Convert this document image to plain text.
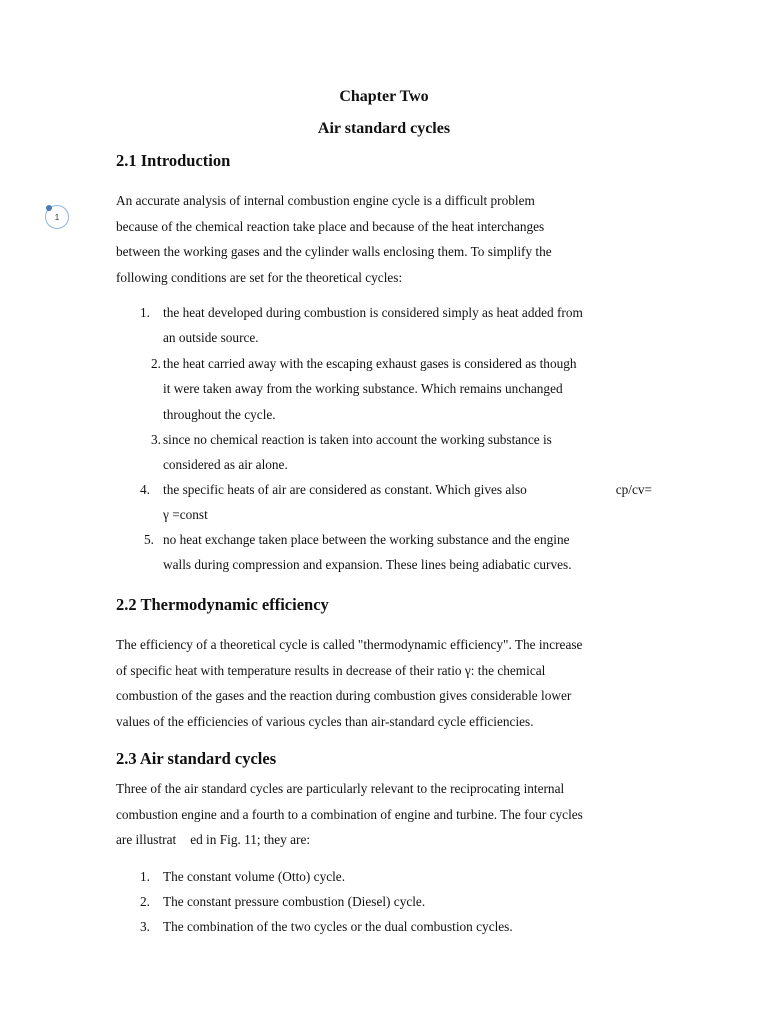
1
Chapter Two
Air standard cycles
2.1 Introduction
An accurate analysis of internal combustion engine cycle is a difficult problem
because of the chemical reaction take place and because of the heat interchanges
between the working gases and the cylinder walls enclosing them. To simplify the
following conditions are set for the theoretical cycles:
1. the heat developed during combustion is considered simply as heat added from
an outside source.
2. the heat carried away with the escaping exhaust gases is considered as though
it were taken away from the working substance. Which remains unchanged
throughout the cycle.
3. since no chemical reaction is taken into account the working substance is
considered as air alone.
4. the specific heats of air are considered as constant. Which gives also	cp/cv=
γ =const
5. no heat exchange taken place between the working substance and the engine
walls during compression and expansion. These lines being adiabatic curves.
2.2 Thermodynamic efficiency
The efficiency of a theoretical cycle is called "thermodynamic efficiency". The increase
of specific heat with temperature results in decrease of their ratio γ: the chemical
combustion of the gases and the reaction during combustion gives considerable lower
values of the efficiencies of various cycles than air-standard cycle efficiencies.
2.3 Air standard cycles
Three of the air standard cycles are particularly relevant to the reciprocating internal
combustion engine and a fourth to a combination of engine and turbine. The four cycles
are illustrat ed in Fig. 11; they are:
1. The constant volume (Otto) cycle.
2. The constant pressure combustion (Diesel) cycle.
3. The combination of the two cycles or the dual combustion cycles.
